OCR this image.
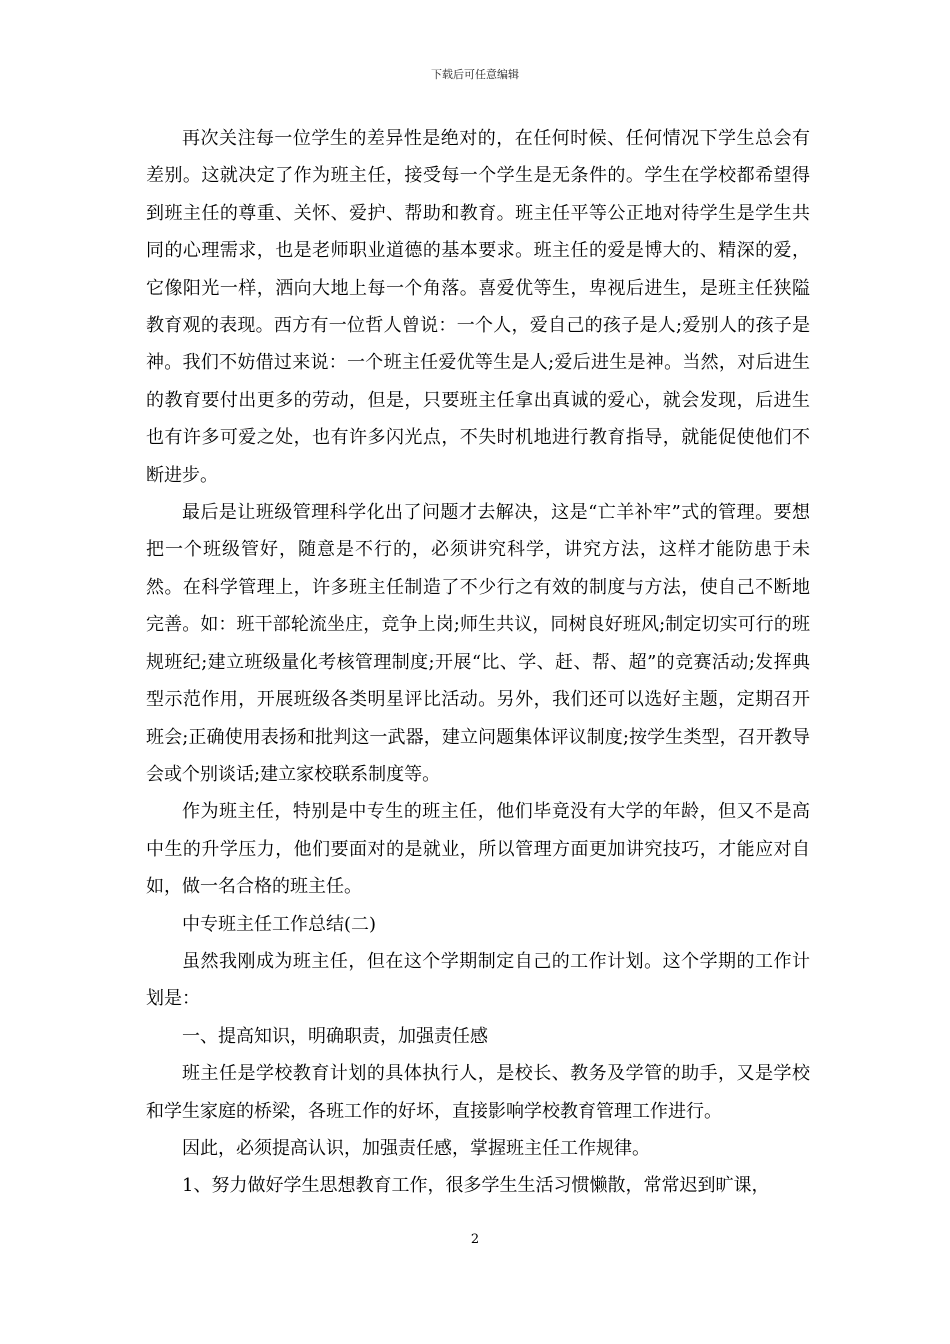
下载后可任意编辑

再次关注每一位学生的差异性是绝对的，在任何时候、任何情况下学生总会有差别。这就决定了作为班主任，接受每一个学生是无条件的。学生在学校都希望得到班主任的尊重、关怀、爱护、帮助和教育。班主任平等公正地对待学生是学生共同的心理需求，也是老师职业道德的基本要求。班主任的爱是博大的、精深的爱，它像阳光一样，洒向大地上每一个角落。喜爱优等生，卑视后进生，是班主任狭隘教育观的表现。西方有一位哲人曾说：一个人，爱自己的孩子是人;爱别人的孩子是神。我们不妨借过来说：一个班主任爱优等生是人;爱后进生是神。当然，对后进生的教育要付出更多的劳动，但是，只要班主任拿出真诚的爱心，就会发现，后进生也有许多可爱之处，也有许多闪光点，不失时机地进行教育指导，就能促使他们不断进步。

最后是让班级管理科学化出了问题才去解决，这是“亡羊补牢”式的管理。要想把一个班级管好，随意是不行的，必须讲究科学，讲究方法，这样才能防患于未然。在科学管理上，许多班主任制造了不少行之有效的制度与方法，使自己不断地完善。如：班干部轮流坐庄，竞争上岗;师生共议，同树良好班风;制定切实可行的班规班纪;建立班级量化考核管理制度;开展“比、学、赶、帮、超”的竞赛活动;发挥典型示范作用，开展班级各类明星评比活动。另外，我们还可以选好主题，定期召开班会;正确使用表扬和批判这一武器，建立问题集体评议制度;按学生类型，召开教导会或个别谈话;建立家校联系制度等。

作为班主任，特别是中专生的班主任，他们毕竟没有大学的年龄，但又不是高中生的升学压力，他们要面对的是就业，所以管理方面更加讲究技巧，才能应对自如，做一名合格的班主任。

中专班主任工作总结(二)

虽然我刚成为班主任，但在这个学期制定自己的工作计划。这个学期的工作计划是：

一、提高知识，明确职责，加强责任感

班主任是学校教育计划的具体执行人，是校长、教务及学管的助手，又是学校和学生家庭的桥梁，各班工作的好坏，直接影响学校教育管理工作进行。

因此，必须提高认识，加强责任感，掌握班主任工作规律。

1、努力做好学生思想教育工作，很多学生生活习惯懒散，常常迟到旷课，

2
